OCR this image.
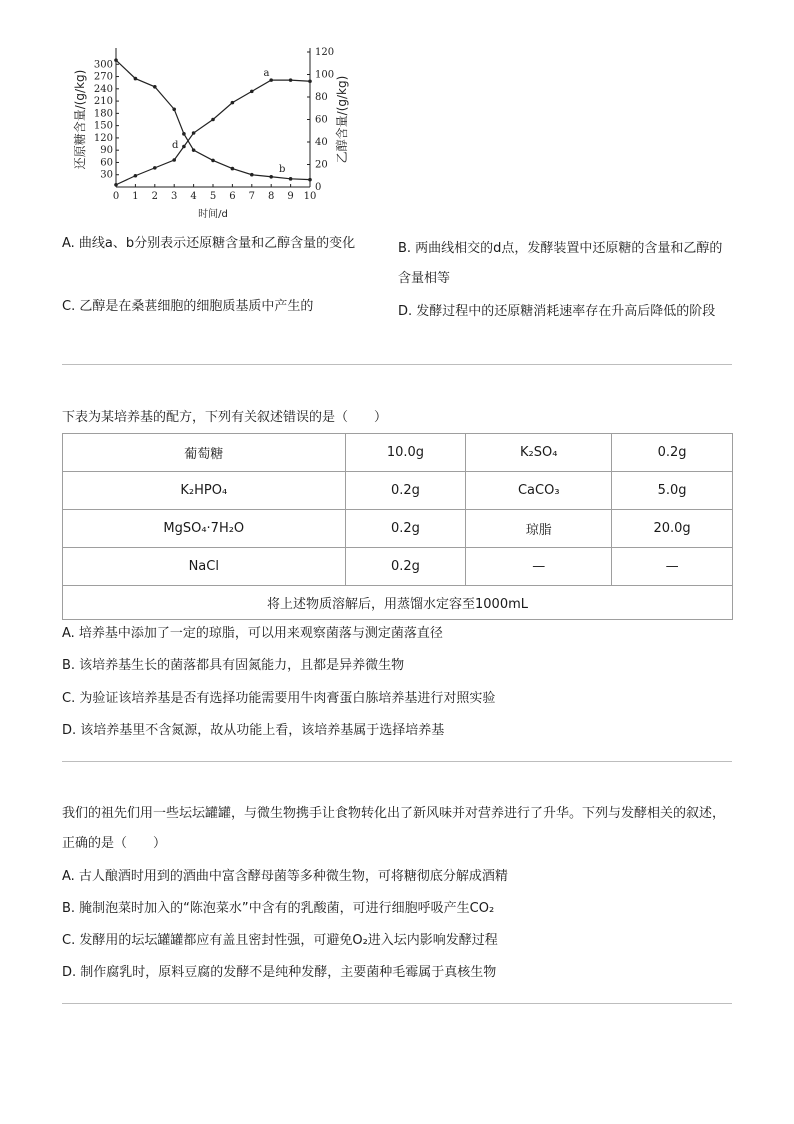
0 1 2 3 4 5 6 7 8 9 10
30
60
90
120
150
180
210
240
270
300
0
20
40
60
80
100
120
a
b
d
时间/d
还原糖含量/(g/kg)	乙醇含量/(g/kg)
A. 曲线a、b分别表示还原糖含量和乙醇含量的变化	B. 两曲线相交的d点，发酵装置中还原糖的含量和乙醇的含量相等
C. 乙醇是在桑葚细胞的细胞质基质中产生的	D. 发酵过程中的还原糖消耗速率存在升高后降低的阶段
下表为某培养基的配方，下列有关叙述错误的是（　　）
葡萄糖	10.0g	K₂SO₄	0.2g
K₂HPO₄	0.2g	CaCO₃	5.0g
MgSO₄·7H₂O	0.2g	琼脂	20.0g
NaCl	0.2g	—	—
将上述物质溶解后，用蒸馏水定容至1000mL			
A. 培养基中添加了一定的琼脂，可以用来观察菌落与测定菌落直径
B. 该培养基生长的菌落都具有固氮能力，且都是异养微生物
C. 为验证该培养基是否有选择功能需要用牛肉膏蛋白胨培养基进行对照实验
D. 该培养基里不含氮源，故从功能上看，该培养基属于选择培养基
我们的祖先们用一些坛坛罐罐，与微生物携手让食物转化出了新风味并对营养进行了升华。下列与发酵相关的叙述，正确的是（　　）
A. 古人酿酒时用到的酒曲中富含酵母菌等多种微生物，可将糖彻底分解成酒精
B. 腌制泡菜时加入的“陈泡菜水”中含有的乳酸菌，可进行细胞呼吸产生CO₂
C. 发酵用的坛坛罐罐都应有盖且密封性强，可避免O₂进入坛内影响发酵过程
D. 制作腐乳时，原料豆腐的发酵不是纯种发酵，主要菌种毛霉属于真核生物
